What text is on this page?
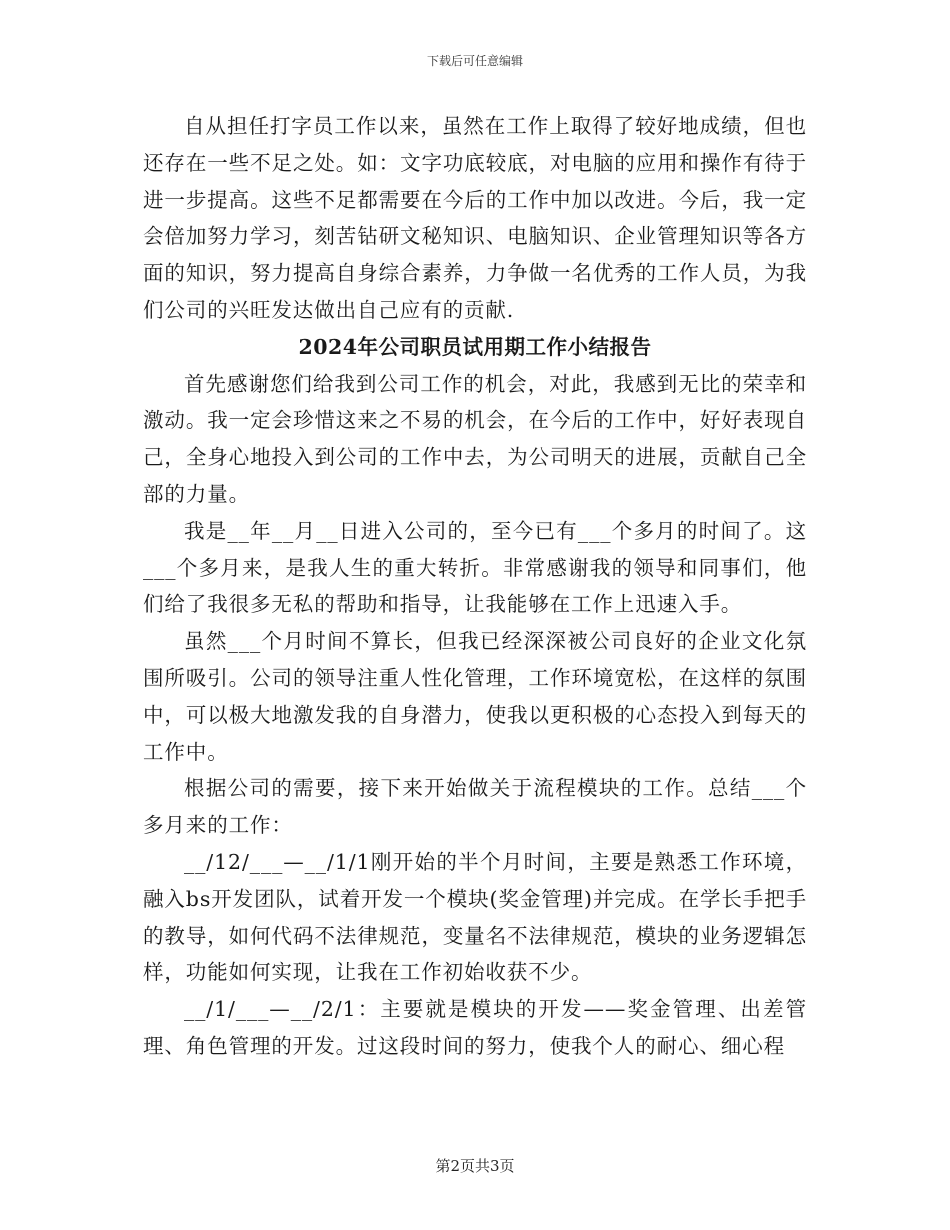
下载后可任意编辑

自从担任打字员工作以来，虽然在工作上取得了较好地成绩，但也还存在一些不足之处。如：文字功底较底，对电脑的应用和操作有待于进一步提高。这些不足都需要在今后的工作中加以改进。今后，我一定会倍加努力学习，刻苦钻研文秘知识、电脑知识、企业管理知识等各方面的知识，努力提高自身综合素养，力争做一名优秀的工作人员，为我们公司的兴旺发达做出自己应有的贡献.

2024年公司职员试用期工作小结报告

首先感谢您们给我到公司工作的机会，对此，我感到无比的荣幸和激动。我一定会珍惜这来之不易的机会，在今后的工作中，好好表现自己，全身心地投入到公司的工作中去，为公司明天的进展，贡献自己全部的力量。

我是__年__月__日进入公司的，至今已有___个多月的时间了。这___个多月来，是我人生的重大转折。非常感谢我的领导和同事们，他们给了我很多无私的帮助和指导，让我能够在工作上迅速入手。

虽然___个月时间不算长，但我已经深深被公司良好的企业文化氛围所吸引。公司的领导注重人性化管理，工作环境宽松，在这样的氛围中，可以极大地激发我的自身潜力，使我以更积极的心态投入到每天的工作中。

根据公司的需要，接下来开始做关于流程模块的工作。总结___个多月来的工作：

__/12/___—__/1/1刚开始的半个月时间，主要是熟悉工作环境，融入bs开发团队，试着开发一个模块(奖金管理)并完成。在学长手把手的教导，如何代码不法律规范，变量名不法律规范，模块的业务逻辑怎样，功能如何实现，让我在工作初始收获不少。

__/1/___—__/2/1：主要就是模块的开发——奖金管理、出差管理、角色管理的开发。过这段时间的努力，使我个人的耐心、细心程

第2页共3页
